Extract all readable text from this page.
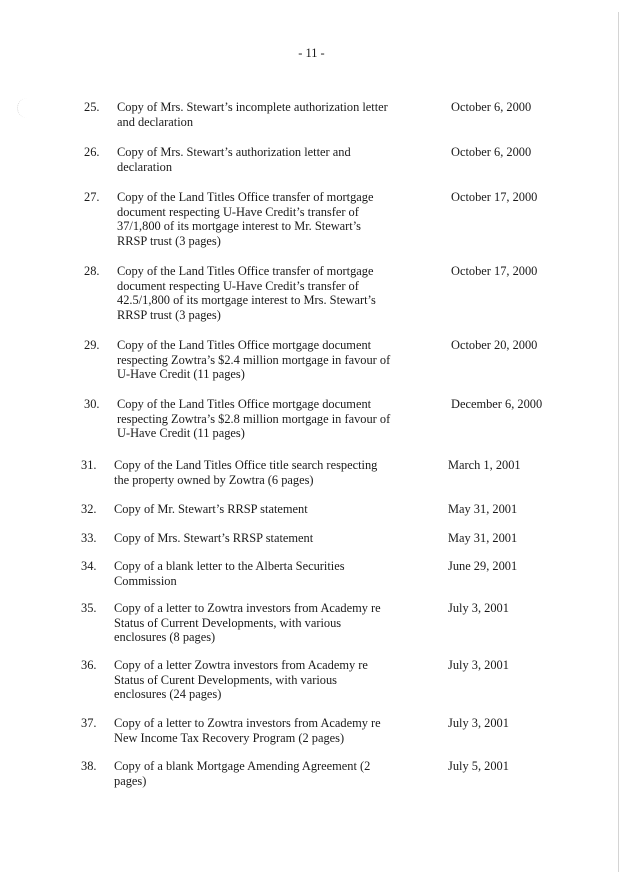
- 11 -
25. Copy of Mrs. Stewart’s incomplete authorization letter
and declaration
October 6, 2000
26. Copy of Mrs. Stewart’s authorization letter and
declaration
October 6, 2000
27. Copy of the Land Titles Office transfer of mortgage
document respecting U-Have Credit’s transfer of
37/1,800 of its mortgage interest to Mr. Stewart’s
RRSP trust (3 pages)
October 17, 2000
28. Copy of the Land Titles Office transfer of mortgage
document respecting U-Have Credit’s transfer of
42.5/1,800 of its mortgage interest to Mrs. Stewart’s
RRSP trust (3 pages)
October 17, 2000
29. Copy of the Land Titles Office mortgage document
respecting Zowtra’s $2.4 million mortgage in favour of
U-Have Credit (11 pages)
October 20, 2000
30. Copy of the Land Titles Office mortgage document
respecting Zowtra’s $2.8 million mortgage in favour of
U-Have Credit (11 pages)
December 6, 2000
31. Copy of the Land Titles Office title search respecting
the property owned by Zowtra (6 pages)
March 1, 2001
32. Copy of Mr. Stewart’s RRSP statement	May 31, 2001
33. Copy of Mrs. Stewart’s RRSP statement	May 31, 2001
34. Copy of a blank letter to the Alberta Securities
Commission
June 29, 2001
35. Copy of a letter to Zowtra investors from Academy re
Status of Current Developments, with various
enclosures (8 pages)
July 3, 2001
36. Copy of a letter Zowtra investors from Academy re
Status of Curent Developments, with various
enclosures (24 pages)
July 3, 2001
37. Copy of a letter to Zowtra investors from Academy re
New Income Tax Recovery Program (2 pages)
July 3, 2001
38. Copy of a blank Mortgage Amending Agreement (2
pages)
July 5, 2001
